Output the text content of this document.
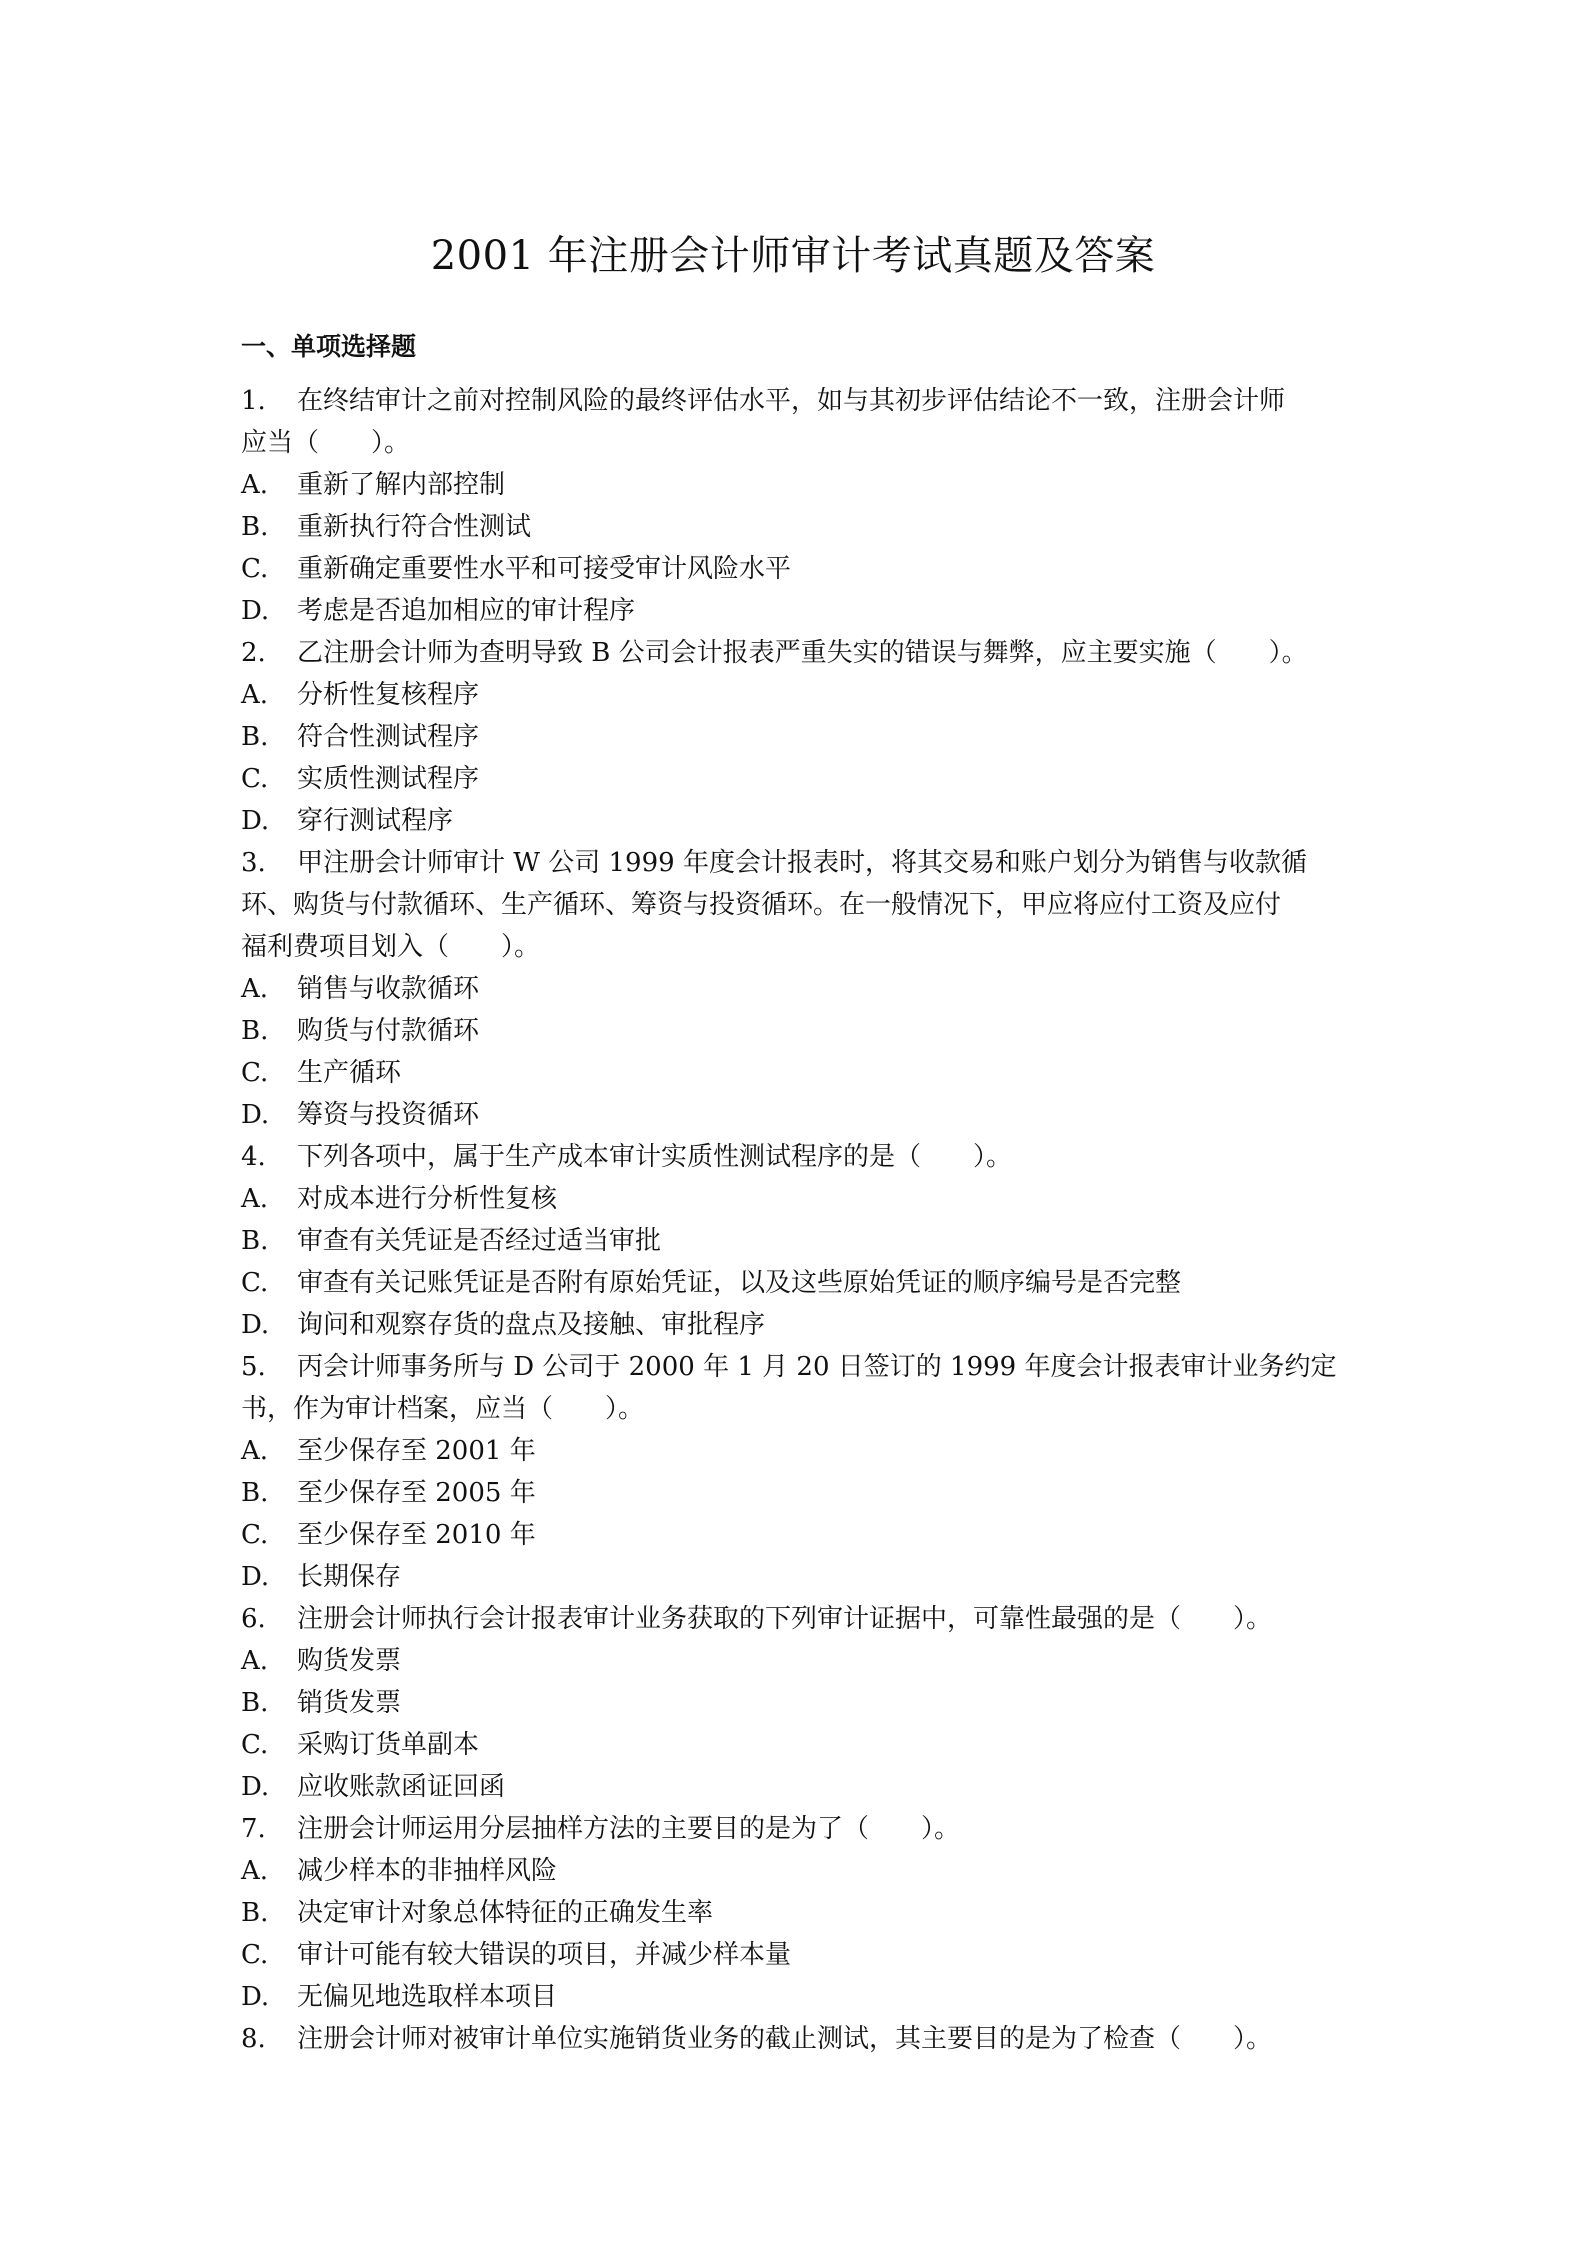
2001 年注册会计师审计考试真题及答案
一、单项选择题
1. 在终结审计之前对控制风险的最终评估水平，如与其初步评估结论不一致，注册会计师
应当（　　）。
A. 重新了解内部控制
B. 重新执行符合性测试
C. 重新确定重要性水平和可接受审计风险水平
D. 考虑是否追加相应的审计程序
2. 乙注册会计师为查明导致 B 公司会计报表严重失实的错误与舞弊，应主要实施（　　）。
A. 分析性复核程序
B. 符合性测试程序
C. 实质性测试程序
D. 穿行测试程序
3. 甲注册会计师审计 W 公司 1999 年度会计报表时，将其交易和账户划分为销售与收款循
环、购货与付款循环、生产循环、筹资与投资循环。在一般情况下，甲应将应付工资及应付
福利费项目划入（　　）。
A. 销售与收款循环
B. 购货与付款循环
C. 生产循环
D. 筹资与投资循环
4. 下列各项中，属于生产成本审计实质性测试程序的是（　　）。
A. 对成本进行分析性复核
B. 审查有关凭证是否经过适当审批
C. 审查有关记账凭证是否附有原始凭证，以及这些原始凭证的顺序编号是否完整
D. 询问和观察存货的盘点及接触、审批程序
5. 丙会计师事务所与 D 公司于 2000 年 1 月 20 日签订的 1999 年度会计报表审计业务约定
书，作为审计档案，应当（　　）。
A. 至少保存至 2001 年
B. 至少保存至 2005 年
C. 至少保存至 2010 年
D. 长期保存
6. 注册会计师执行会计报表审计业务获取的下列审计证据中，可靠性最强的是（　　）。
A. 购货发票
B. 销货发票
C. 采购订货单副本
D. 应收账款函证回函
7. 注册会计师运用分层抽样方法的主要目的是为了（　　）。
A. 减少样本的非抽样风险
B. 决定审计对象总体特征的正确发生率
C. 审计可能有较大错误的项目，并减少样本量
D. 无偏见地选取样本项目
8. 注册会计师对被审计单位实施销货业务的截止测试，其主要目的是为了检查（　　）。
